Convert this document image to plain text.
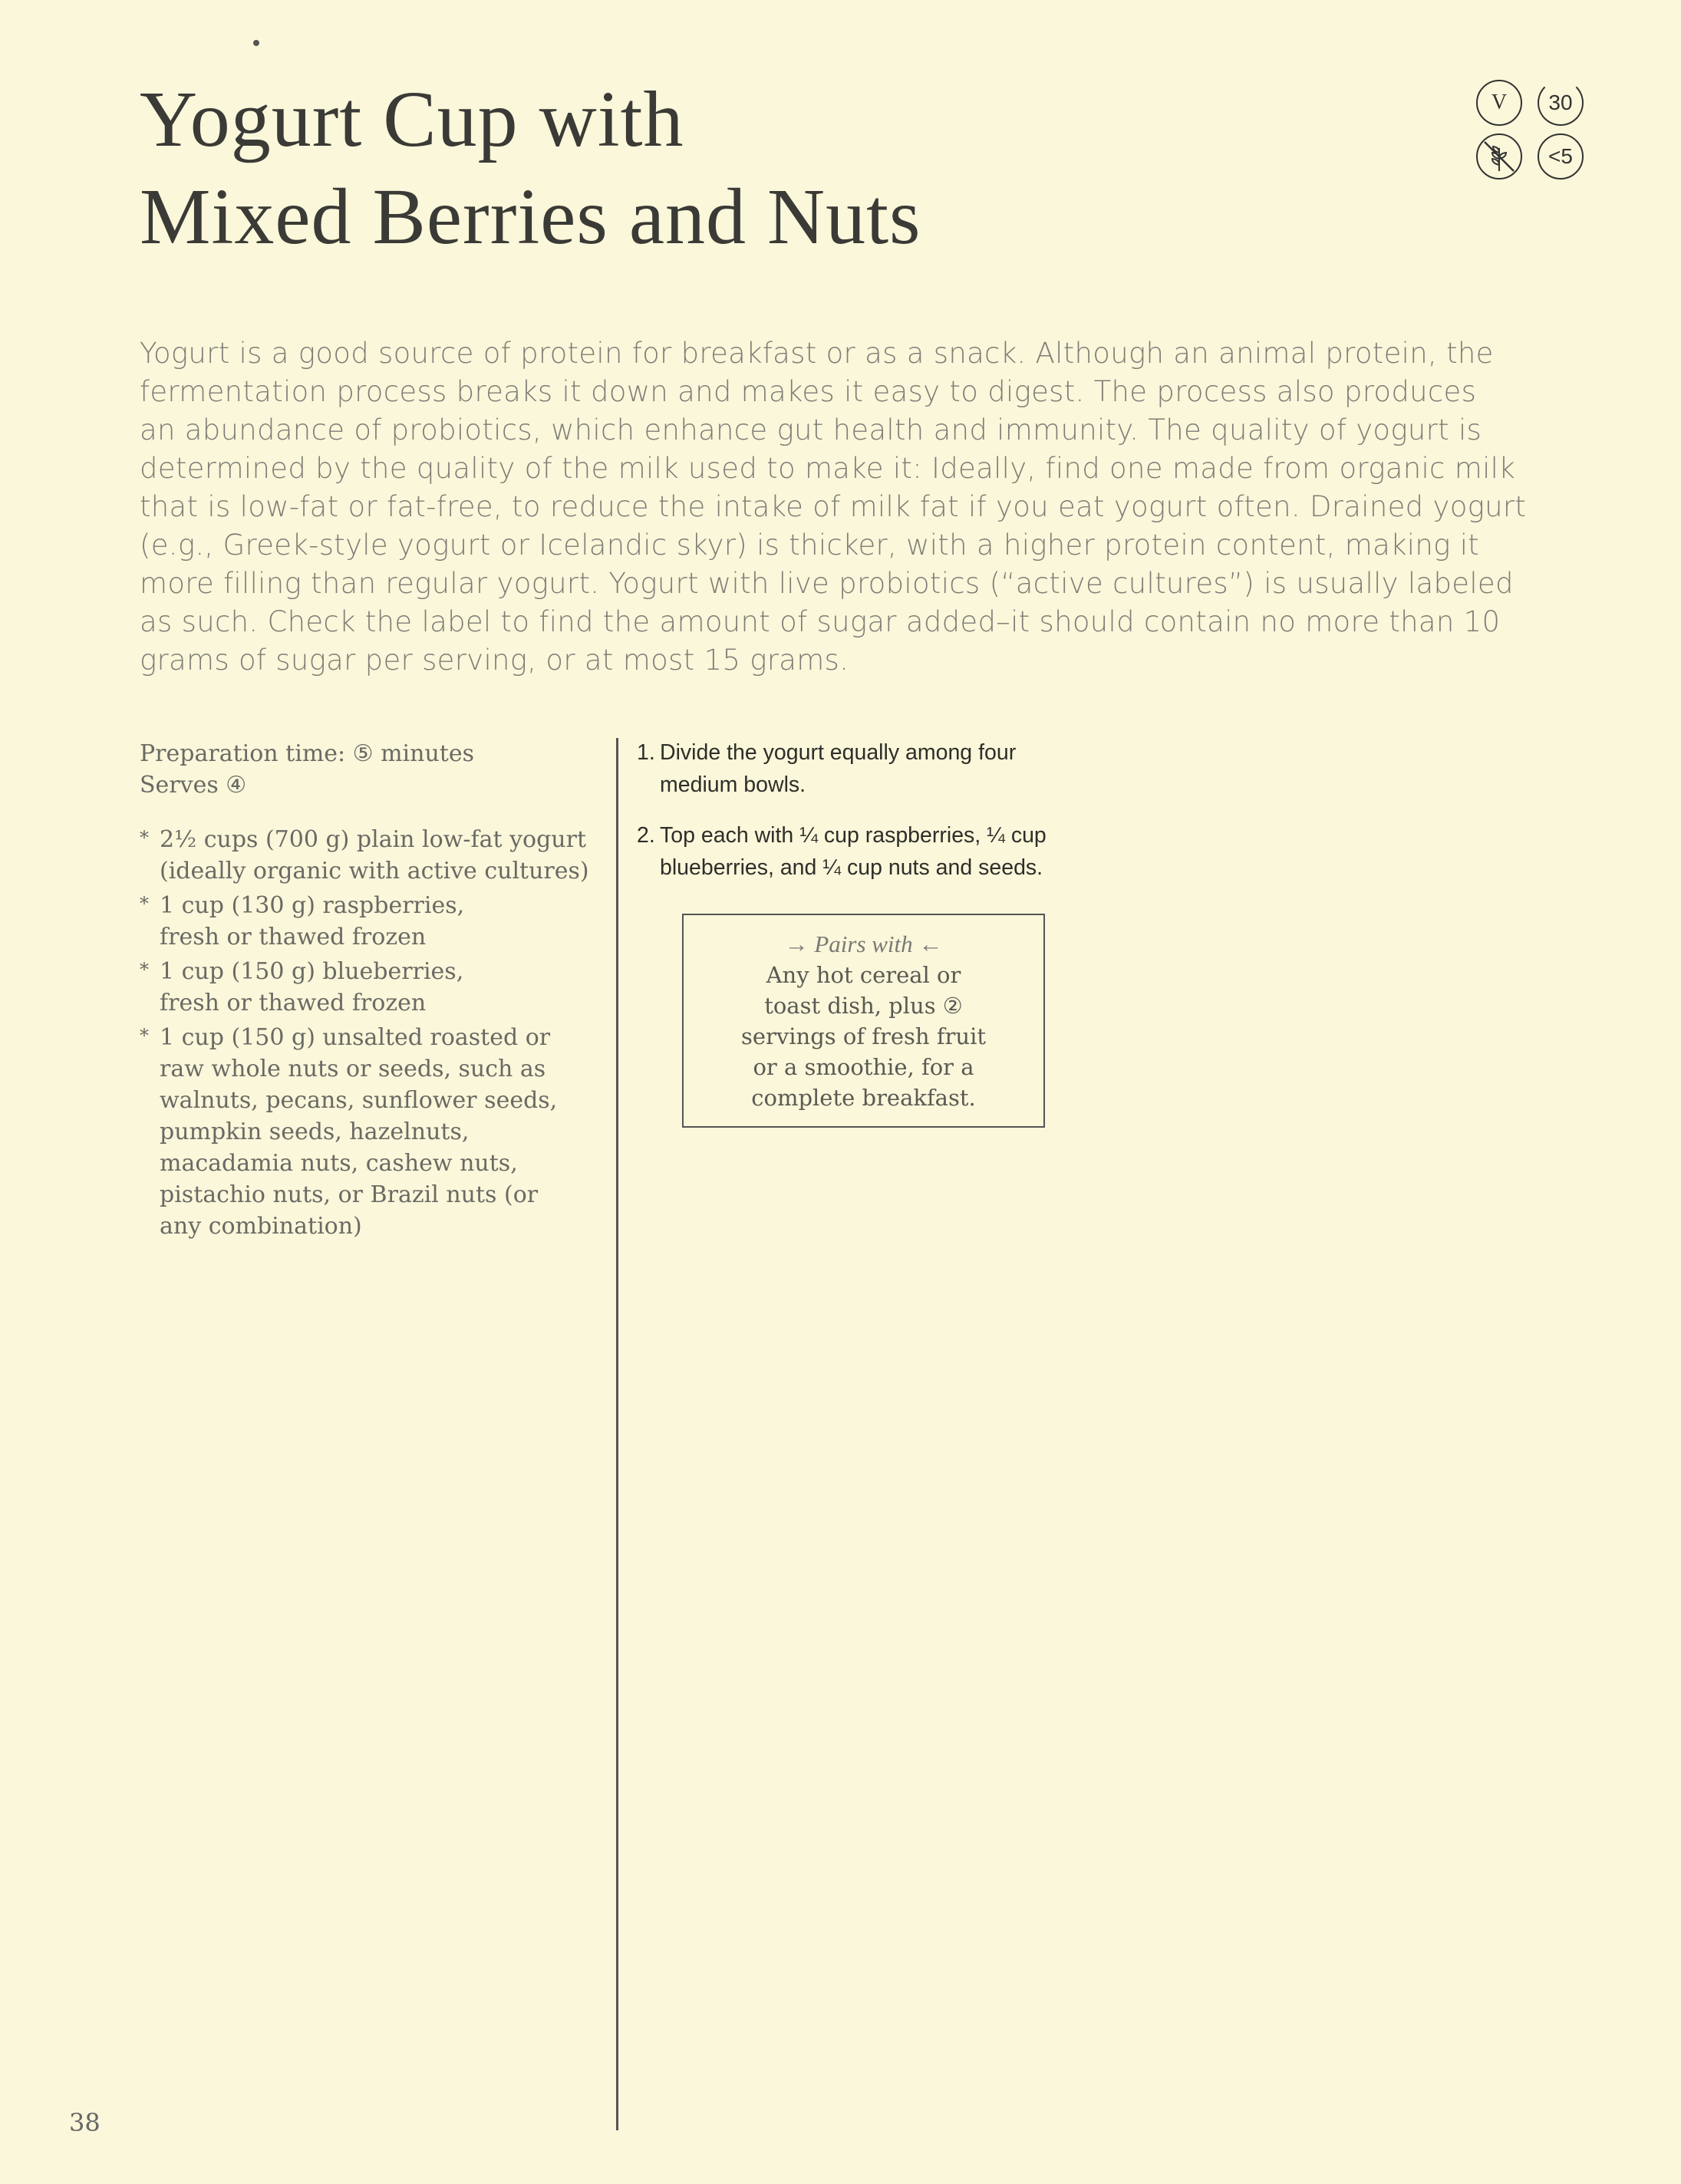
Yogurt Cup with
Mixed Berries and Nuts
V 30
<5
Yogurt is a good source of protein for breakfast or as a snack. Although an animal protein, the
fermentation process breaks it down and makes it easy to digest. The process also produces
an abundance of probiotics, which enhance gut health and immunity. The quality of yogurt is
determined by the quality of the milk used to make it: Ideally, find one made from organic milk
that is low-fat or fat-free, to reduce the intake of milk fat if you eat yogurt often. Drained yogurt
(e.g., Greek-style yogurt or Icelandic skyr) is thicker, with a higher protein content, making it
more filling than regular yogurt. Yogurt with live probiotics (“active cultures”) is usually labeled
as such. Check the label to find the amount of sugar added–it should contain no more than 10
grams of sugar per serving, or at most 15 grams.
Preparation time: ⑤ minutes
Serves ④
* 2½ cups (700 g) plain low-fat yogurt (ideally organic with active cultures)
* 1 cup (130 g) raspberries, fresh or thawed frozen
* 1 cup (150 g) blueberries, fresh or thawed frozen
* 1 cup (150 g) unsalted roasted or raw whole nuts or seeds, such as walnuts, pecans, sunflower seeds, pumpkin seeds, hazelnuts, macadamia nuts, cashew nuts, pistachio nuts, or Brazil nuts (or any combination)
1. Divide the yogurt equally among four medium bowls.
2. Top each with ¼ cup raspberries, ¼ cup blueberries, and ¼ cup nuts and seeds.
→ Pairs with ←
Any hot cereal or
toast dish, plus ②
servings of fresh fruit
or a smoothie, for a
complete breakfast.
38
